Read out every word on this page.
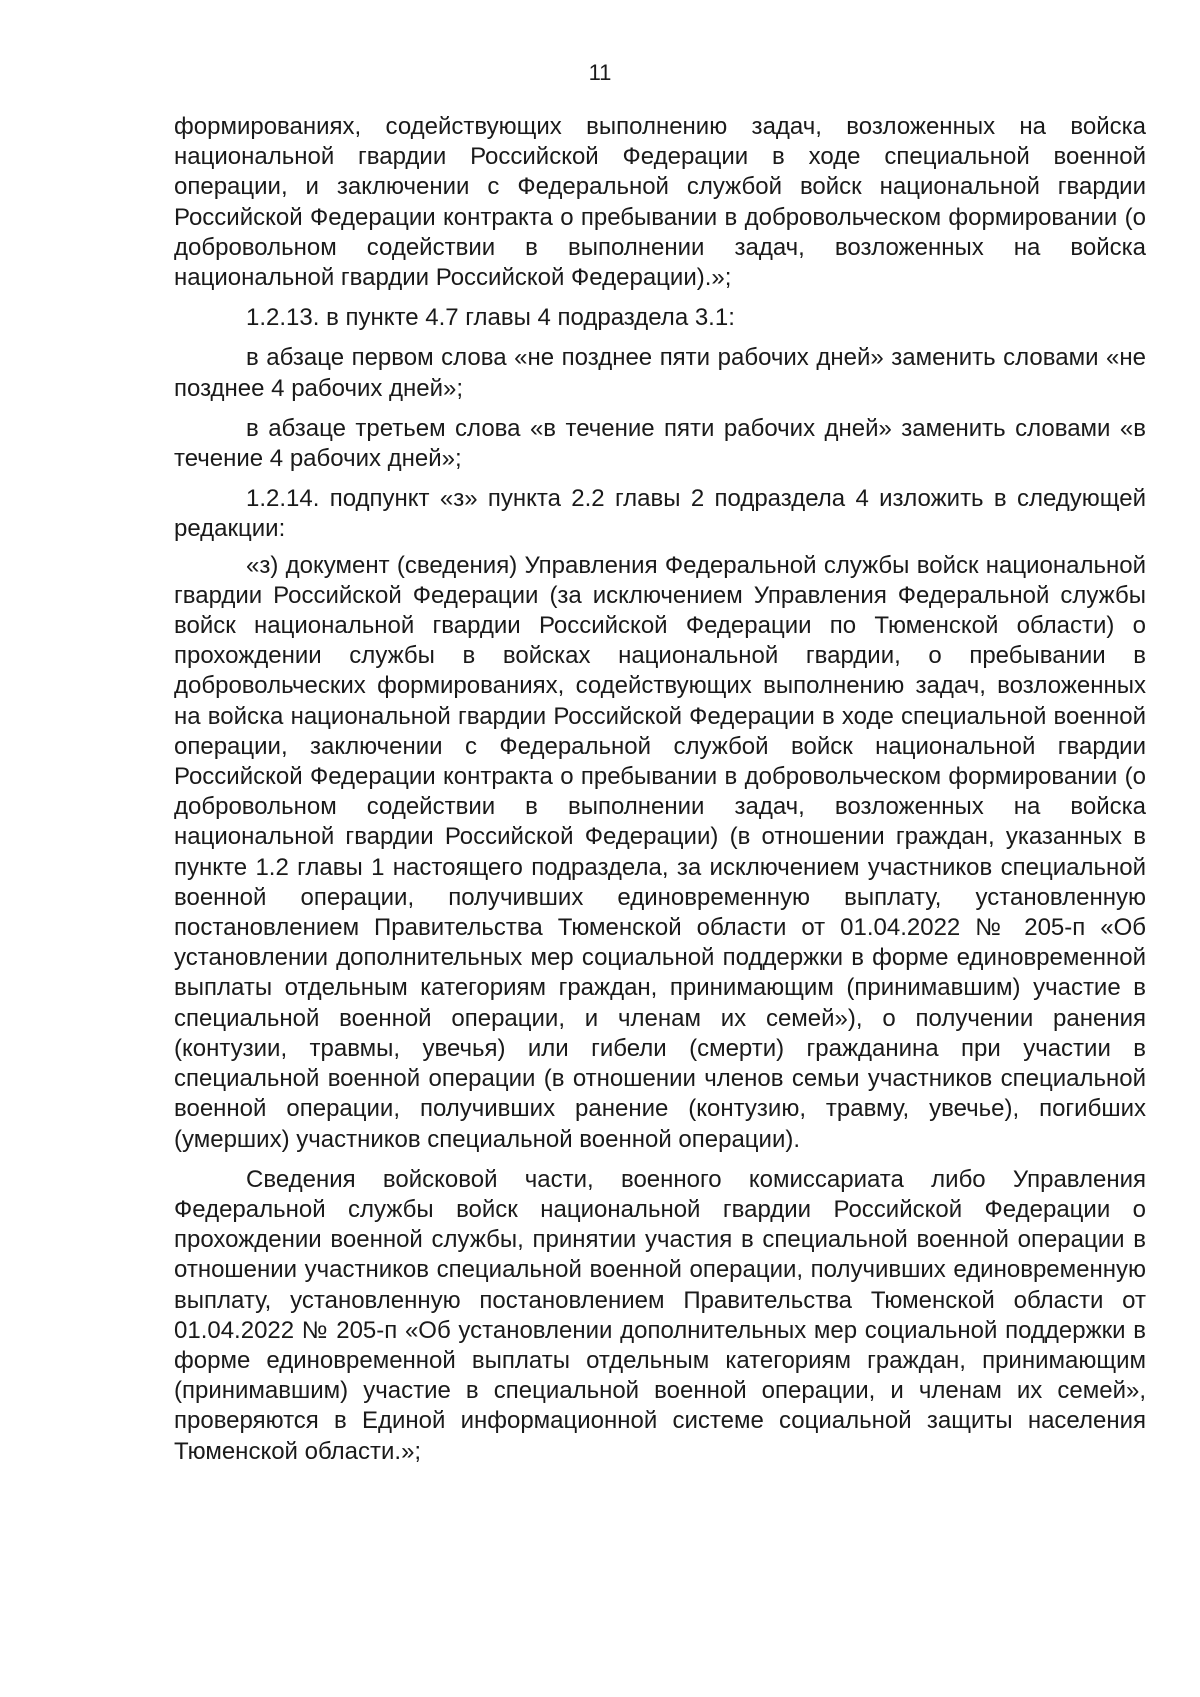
11

формированиях, содействующих выполнению задач, возложенных на войска национальной гвардии Российской Федерации в ходе специальной военной операции, и заключении с Федеральной службой войск национальной гвардии Российской Федерации контракта о пребывании в добровольческом формировании (о добровольном содействии в выполнении задач, возложенных на войска национальной гвардии Российской Федерации).»;

1.2.13. в пункте 4.7 главы 4 подраздела 3.1:

в абзаце первом слова «не позднее пяти рабочих дней» заменить словами «не позднее 4 рабочих дней»;

в абзаце третьем слова «в течение пяти рабочих дней» заменить словами «в течение 4 рабочих дней»;

1.2.14. подпункт «з» пункта 2.2 главы 2 подраздела 4 изложить в следующей редакции:

«з) документ (сведения) Управления Федеральной службы войск национальной гвардии Российской Федерации (за исключением Управления Федеральной службы войск национальной гвардии Российской Федерации по Тюменской области) о прохождении службы в войсках национальной гвардии, о пребывании в добровольческих формированиях, содействующих выполнению задач, возложенных на войска национальной гвардии Российской Федерации в ходе специальной военной операции, заключении с Федеральной службой войск национальной гвардии Российской Федерации контракта о пребывании в добровольческом формировании (о добровольном содействии в выполнении задач, возложенных на войска национальной гвардии Российской Федерации) (в отношении граждан, указанных в пункте 1.2 главы 1 настоящего подраздела, за исключением участников специальной военной операции, получивших единовременную выплату, установленную постановлением Правительства Тюменской области от 01.04.2022 № 205-п «Об установлении дополнительных мер социальной поддержки в форме единовременной выплаты отдельным категориям граждан, принимающим (принимавшим) участие в специальной военной операции, и членам их семей»), о получении ранения (контузии, травмы, увечья) или гибели (смерти) гражданина при участии в специальной военной операции (в отношении членов семьи участников специальной военной операции, получивших ранение (контузию, травму, увечье), погибших (умерших) участников специальной военной операции).

Сведения войсковой части, военного комиссариата либо Управления Федеральной службы войск национальной гвардии Российской Федерации о прохождении военной службы, принятии участия в специальной военной операции в отношении участников специальной военной операции, получивших единовременную выплату, установленную постановлением Правительства Тюменской области от 01.04.2022 № 205-п «Об установлении дополнительных мер социальной поддержки в форме единовременной выплаты отдельным категориям граждан, принимающим (принимавшим) участие в специальной военной операции, и членам их семей», проверяются в Единой информационной системе социальной защиты населения Тюменской области.»;
